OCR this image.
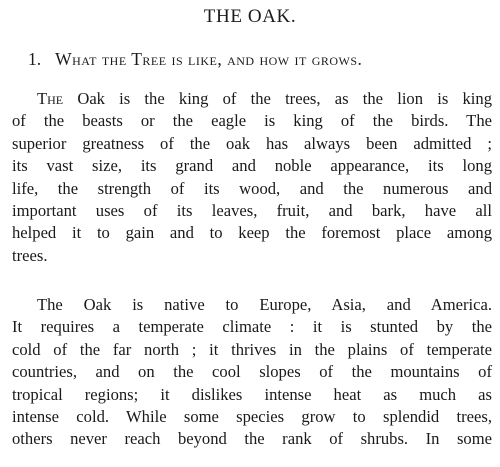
THE OAK.
1. What the Tree is like, and how it grows.

The Oak is the king of the trees, as the lion is king
of the beasts or the eagle is king of the birds. The
superior greatness of the oak has always been admitted ;
its vast size, its grand and noble appearance, its long
life, the strength of its wood, and the numerous and
important uses of its leaves, fruit, and bark, have all
helped it to gain and to keep the foremost place among
trees.

The Oak is native to Europe, Asia, and America.
It requires a temperate climate : it is stunted by the
cold of the far north ; it thrives in the plains of temperate
countries, and on the cool slopes of the mountains of
tropical regions; it dislikes intense heat as much as
intense cold. While some species grow to splendid trees,
others never reach beyond the rank of shrubs. In some
